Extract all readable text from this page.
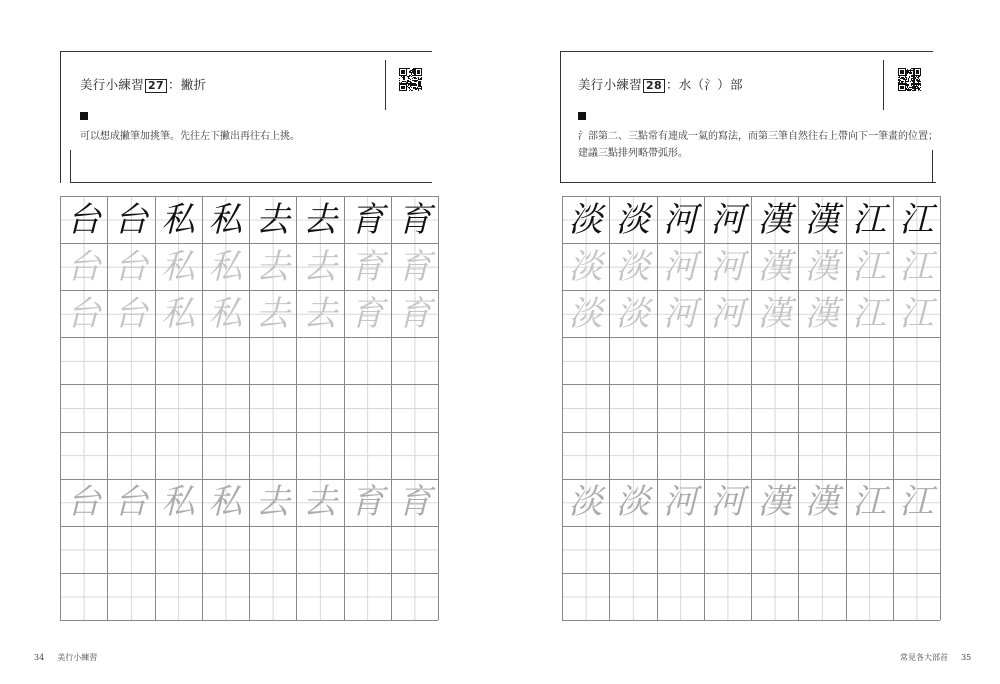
美行小練習 27 ：撇折
可以想成撇筆加挑筆。先往左下撇出再往右上挑。
台 台 私 私 去 去 育 育
台 台 私 私 去 去 育 育
台 台 私 私 去 去 育 育
台 台 私 私 去 去 育 育
34 美行小練習
美行小練習 28 ：水（氵）部
氵部第二、三點常有連成一氣的寫法，而第三筆自然往右上帶向下一筆畫的位置；
建議三點排列略帶弧形。
淡 淡 河 河 漢 漢 江 江
淡 淡 河 河 漢 漢 江 江
淡 淡 河 河 漢 漢 江 江
淡 淡 河 河 漢 漢 江 江
常見各大部首 35
